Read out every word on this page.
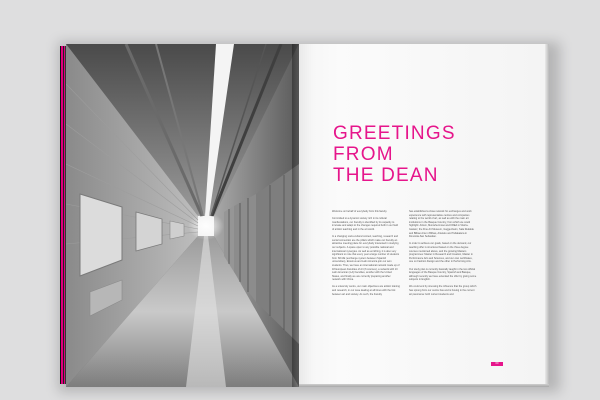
GREETINGS
FROM
THE DEAN

Welcome on behalf of everybody from this faculty.

Committed to a dynamic society rich in its cultural manifestations, our Faculty is identified by its capacity to innovate and adapt to the changes required both in our field of artistic teaching and in the art world.

In a changing socio-cultural context, teaching, research and social connection are the pillars which make our Faculty an attractive meeting place for everybody interested in studying our subjects. A space open to any possible national and international synergies. As well as enriching, it is also very significant to note that every year a large number of students from SICUE (exchange system between Spanish universities), Erasmus and Latin America join our own students. Thus, we have an international network made up of 18 European Faculties of Art (6 courses), a network with 10 Latin American (LA) Faculties, another with the United States, and finally we are currently preparing another network with China.

As a university centre, our main objectives are artistic training and research, in our case dealing at all times with the link between art and society. As such, the Faculty

has established a close network for exchanges and work experience with representative centres and companies relating to the world of art, as well as with the main art institutions in the Basque Country, from which we could highlight: Artium, Montehermoso and KREA in Vitoria-Gasteiz, the Fine Art Museum, Guggenheim, Sala Rekalde and Bilbao Arte in Bilbao, Arteleku and Tabakalera in Donostia-San Sebastian.

In order to achieve our goals, based on the demand, our teaching offer is structured based on the three degree courses mentioned above, and the growing Masters programmes: Master in Research and Creation, Master in Performance Arts and Sciences, and our own certificates, one on Fashion Design and the other in Performing Arts.

Our study plan is currently basically taught in the two official languages of the Basque Country, Spanish and Basque, although recently we have extended the offer by giving some subjects in English.

We could end by stressing the influence that the group which has sprung from our centre has and is having in the current art panorama: both current students and

00
